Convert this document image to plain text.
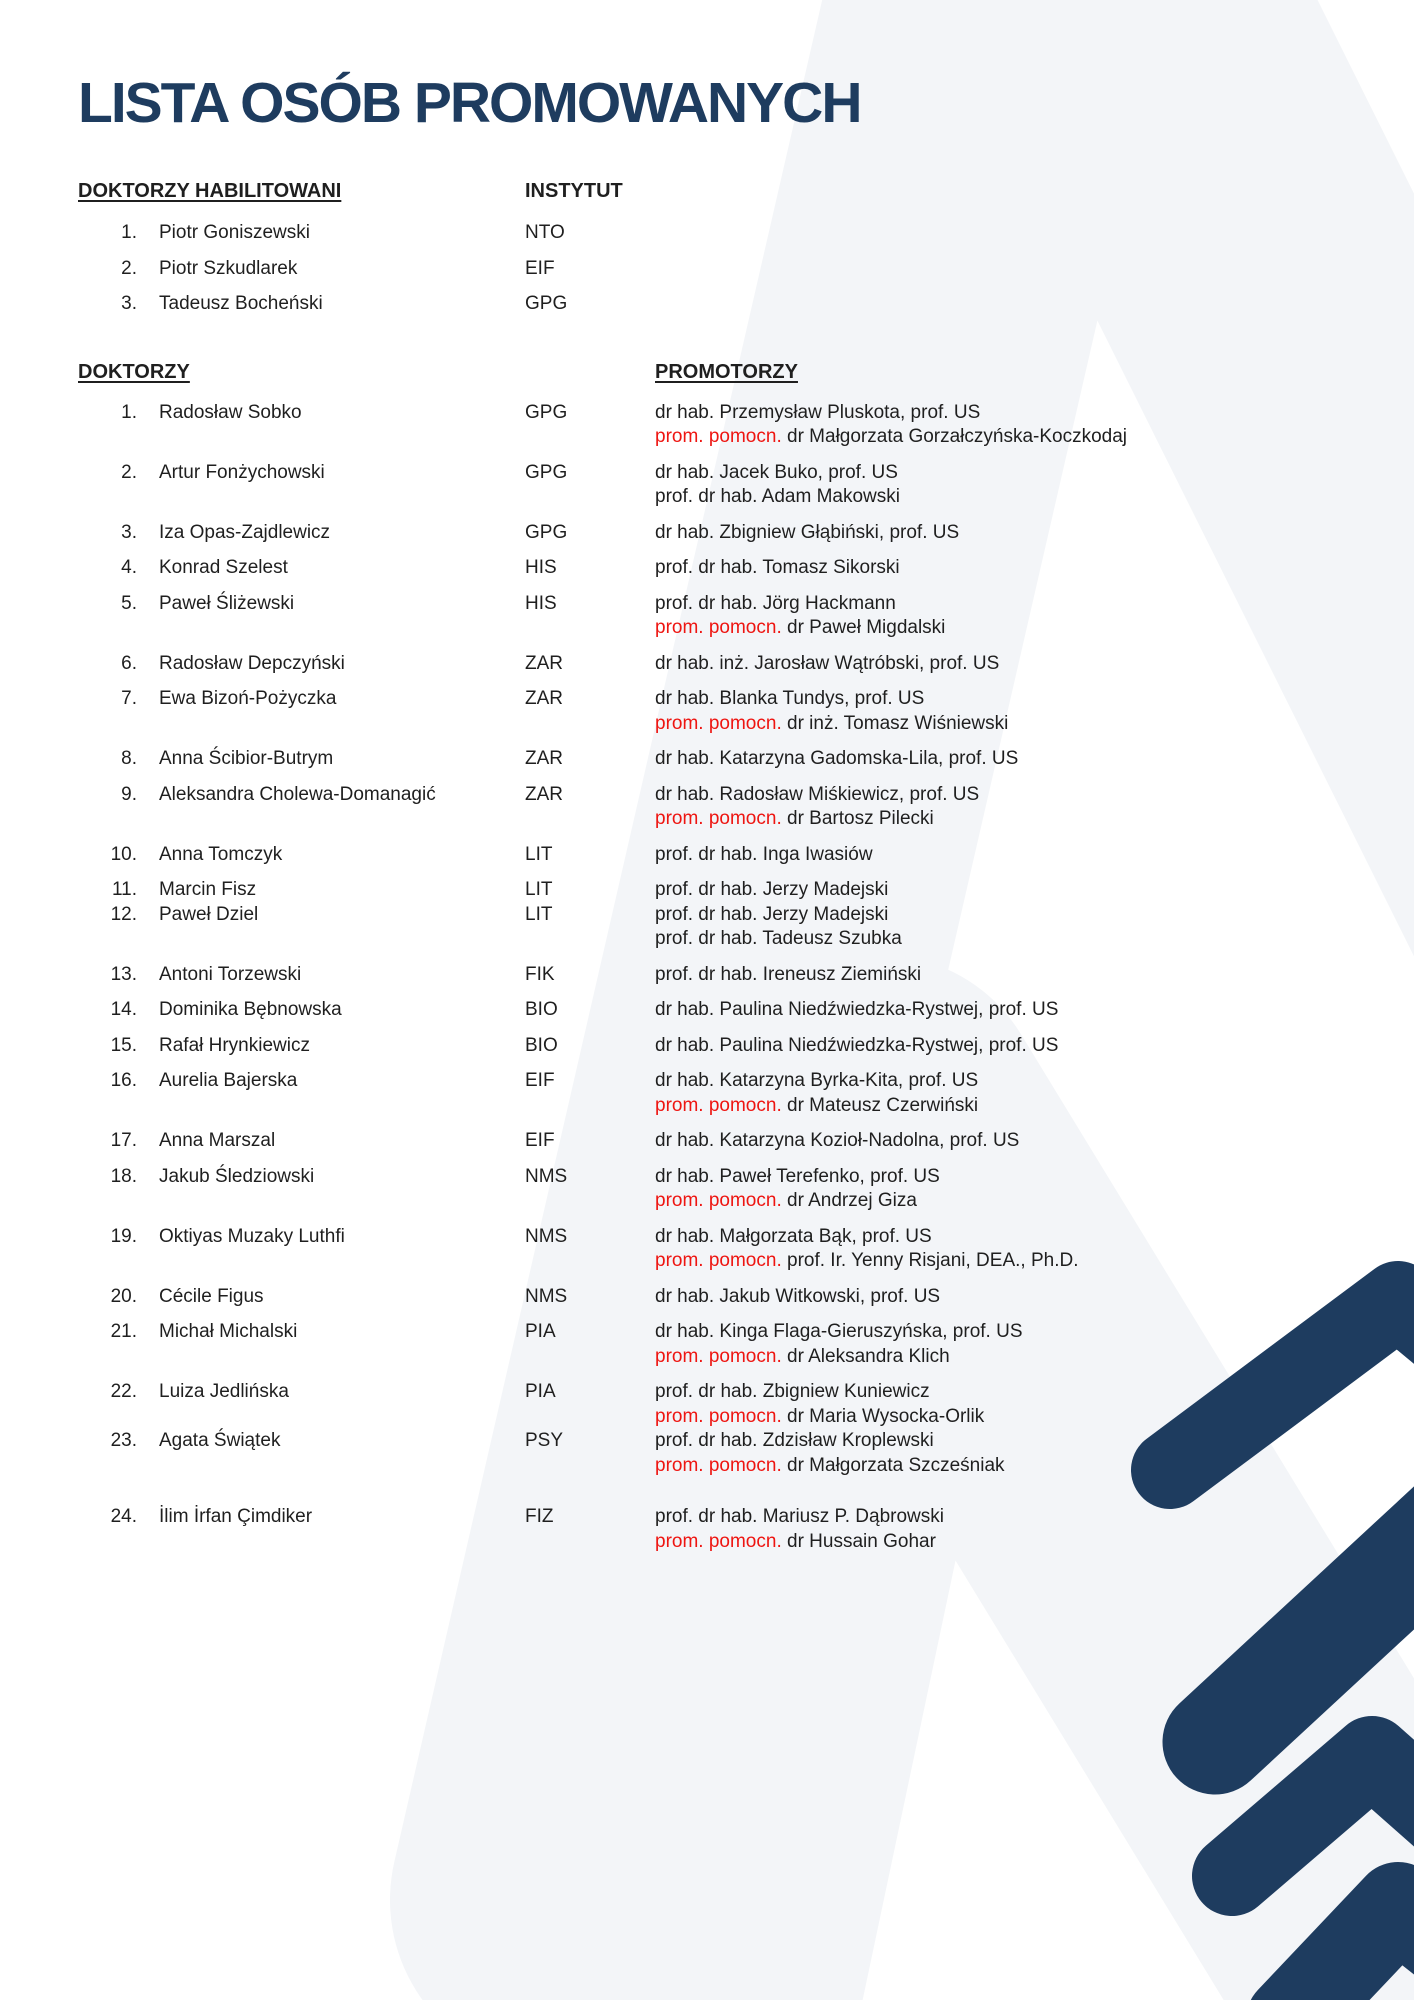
LISTA OSÓB PROMOWANYCH
DOKTORZY HABILITOWANI	INSTYTUT
1.	Piotr Goniszewski	NTO
2.	Piotr Szkudlarek	EIF
3.	Tadeusz Bocheński	GPG
DOKTORZY	PROMOTORZY
1.	Radosław Sobko	GPG	dr hab. Przemysław Pluskota, prof. US
prom. pomocn. dr Małgorzata Gorzałczyńska-Koczkodaj
2.	Artur Fonżychowski	GPG	dr hab. Jacek Buko, prof. US
prof. dr hab. Adam Makowski
3.	Iza Opas-Zajdlewicz	GPG	dr hab. Zbigniew Głąbiński, prof. US
4.	Konrad Szelest	HIS	prof. dr hab. Tomasz Sikorski
5.	Paweł Śliżewski	HIS	prof. dr hab. Jörg Hackmann
prom. pomocn. dr Paweł Migdalski
6.	Radosław Depczyński	ZAR	dr hab. inż. Jarosław Wątróbski, prof. US
7.	Ewa Bizoń-Pożyczka	ZAR	dr hab. Blanka Tundys, prof. US
prom. pomocn. dr inż. Tomasz Wiśniewski
8.	Anna Ścibior-Butrym	ZAR	dr hab. Katarzyna Gadomska-Lila, prof. US
9.	Aleksandra Cholewa-Domanagić	ZAR	dr hab. Radosław Miśkiewicz, prof. US
prom. pomocn. dr Bartosz Pilecki
10.	Anna Tomczyk	LIT	prof. dr hab. Inga Iwasiów
11.	Marcin Fisz	LIT	prof. dr hab. Jerzy Madejski
12.	Paweł Dziel	LIT	prof. dr hab. Jerzy Madejski
prof. dr hab. Tadeusz Szubka
13.	Antoni Torzewski	FIK	prof. dr hab. Ireneusz Ziemiński
14.	Dominika Bębnowska	BIO	dr hab. Paulina Niedźwiedzka-Rystwej, prof. US
15.	Rafał Hrynkiewicz	BIO	dr hab. Paulina Niedźwiedzka-Rystwej, prof. US
16.	Aurelia Bajerska	EIF	dr hab. Katarzyna Byrka-Kita, prof. US
prom. pomocn. dr Mateusz Czerwiński
17.	Anna Marszal	EIF	dr hab. Katarzyna Kozioł-Nadolna, prof. US
18.	Jakub Śledziowski	NMS	dr hab. Paweł Terefenko, prof. US
prom. pomocn. dr Andrzej Giza
19.	Oktiyas Muzaky Luthfi	NMS	dr hab. Małgorzata Bąk, prof. US
prom. pomocn. prof. Ir. Yenny Risjani, DEA., Ph.D.
20.	Cécile Figus	NMS	dr hab. Jakub Witkowski, prof. US
21.	Michał Michalski	PIA	dr hab. Kinga Flaga-Gieruszyńska, prof. US
prom. pomocn. dr Aleksandra Klich
22.	Luiza Jedlińska	PIA	prof. dr hab. Zbigniew Kuniewicz
prom. pomocn. dr Maria Wysocka-Orlik
23.	Agata Świątek	PSY	prof. dr hab. Zdzisław Kroplewski
prom. pomocn. dr Małgorzata Szcześniak
24.	İlim İrfan Çimdiker	FIZ	prof. dr hab. Mariusz P. Dąbrowski
prom. pomocn. dr Hussain Gohar
